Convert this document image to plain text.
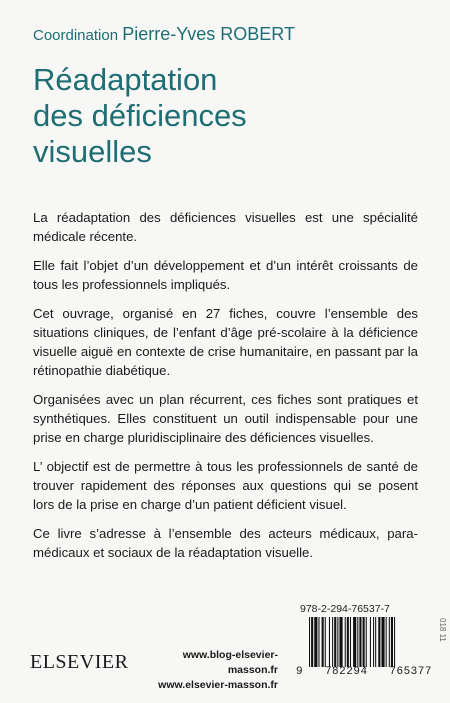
Coordination Pierre-Yves ROBERT
Réadaptation
des déficiences
visuelles

La réadaptation des déficiences visuelles est une spécialité médicale récente.

Elle fait l’objet d’un développement et d’un intérêt croissants de tous les professionnels impliqués.

Cet ouvrage, organisé en 27 fiches, couvre l’ensemble des situations cliniques, de l’enfant d’âge pré-scolaire à la déficience visuelle aiguë en contexte de crise humanitaire, en passant par la rétinopathie diabétique.

Organisées avec un plan récurrent, ces fiches sont pratiques et synthétiques. Elles constituent un outil indispensable pour une prise en charge pluridisciplinaire des déficiences visuelles.

L’ objectif est de permettre à tous les professionnels de santé de trouver rapidement des réponses aux questions qui se posent lors de la prise en charge d’un patient déficient visuel.

Ce livre s’adresse à l’ensemble des acteurs médicaux, para-médicaux et sociaux de la réadaptation visuelle.

978-2-294-76537-7
9 782294 765377
www.blog-elsevier-masson.fr
www.elsevier-masson.fr
ELSEVIER
018 11
